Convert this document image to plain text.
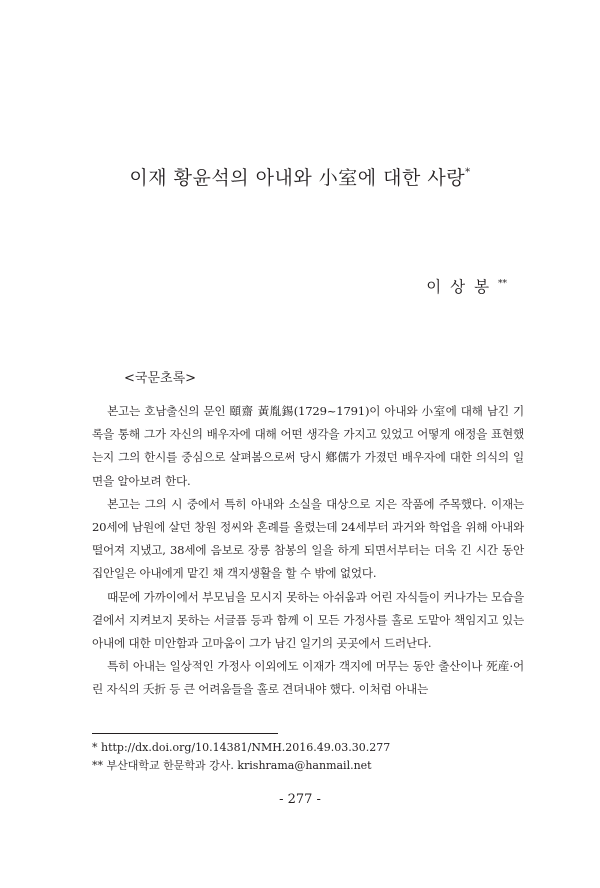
이재 황윤석의 아내와 小室에 대한 사랑*
이 상 봉 **
<국문초록>

본고는 호남출신의 문인 頤齋 黃胤錫(1729~1791)이 아내와 小室에 대해 남긴 기록을 통해 그가 자신의 배우자에 대해 어떤 생각을 가지고 있었고 어떻게 애정을 표현했는지 그의 한시를 중심으로 살펴봄으로써 당시 鄕儒가 가졌던 배우자에 대한 의식의 일면을 알아보려 한다.

본고는 그의 시 중에서 특히 아내와 소실을 대상으로 지은 작품에 주목했다. 이재는 20세에 남원에 살던 창원 정씨와 혼례를 올렸는데 24세부터 과거와 학업을 위해 아내와 떨어져 지냈고, 38세에 음보로 장릉 참봉의 일을 하게 되면서부터는 더욱 긴 시간 동안 집안일은 아내에게 맡긴 채 객지생활을 할 수 밖에 없었다.

때문에 가까이에서 부모님을 모시지 못하는 아쉬움과 어린 자식들이 커나가는 모습을 곁에서 지켜보지 못하는 서글픔 등과 함께 이 모든 가정사를 홀로 도맡아 책임지고 있는 아내에 대한 미안함과 고마움이 그가 남긴 일기의 곳곳에서 드러난다.

특히 아내는 일상적인 가정사 이외에도 이재가 객지에 머무는 동안 출산이나 死産·어린 자식의 夭折 등 큰 어려움들을 홀로 견뎌내야 했다. 이처럼 아내는

* http://dx.doi.org/10.14381/NMH.2016.49.03.30.277
** 부산대학교 한문학과 강사. krishrama@hanmail.net
- 277 -
